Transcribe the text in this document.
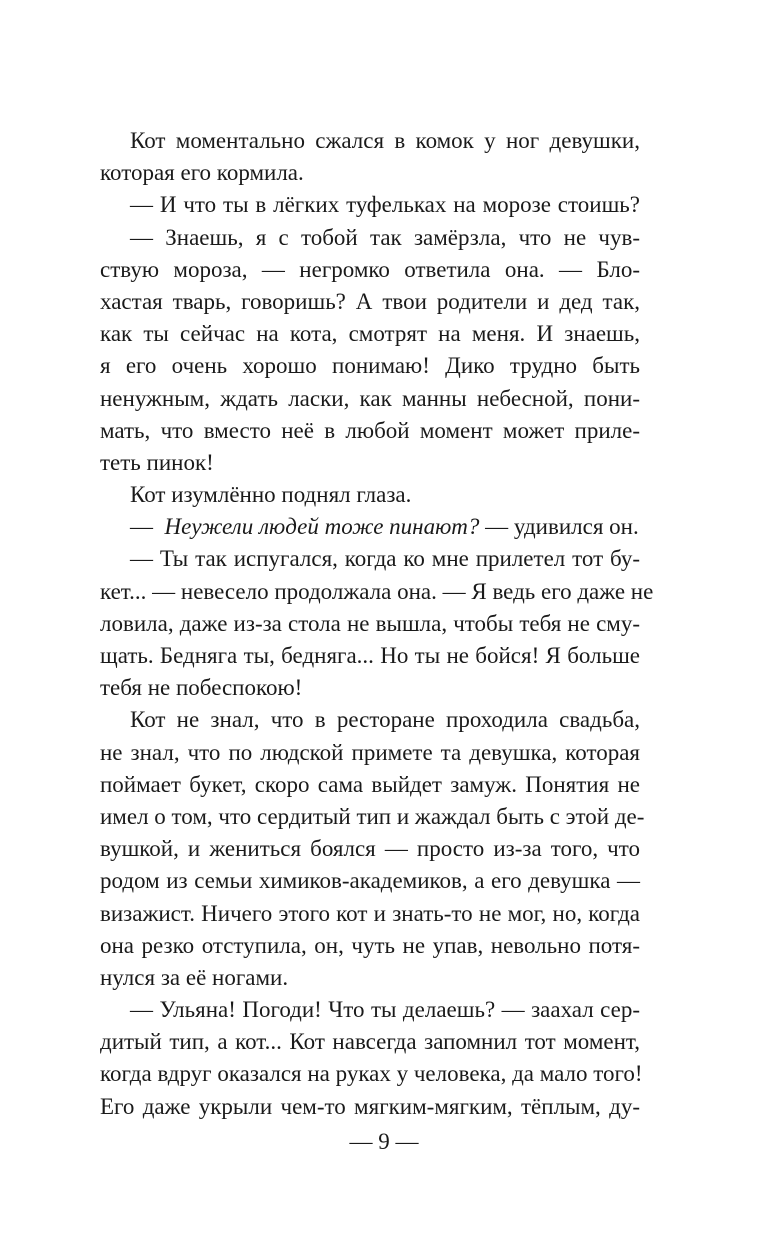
Кот моментально сжался в комок у ног девушки,
которая его кормила.
— И что ты в лёгких туфельках на морозе стоишь?
— Знаешь, я с тобой так замёрзла, что не чув-
ствую мороза, — негромко ответила она. — Бло-
хастая тварь, говоришь? А твои родители и дед так,
как ты сейчас на кота, смотрят на меня. И знаешь,
я его очень хорошо понимаю! Дико трудно быть
ненужным, ждать ласки, как манны небесной, пони-
мать, что вместо неё в любой момент может приле-
теть пинок!
Кот изумлённо поднял глаза.
— Неужели людей тоже пинают? — удивился он.
— Ты так испугался, когда ко мне прилетел тот бу-
кет... — невесело продолжала она. — Я ведь его даже не
ловила, даже из-за стола не вышла, чтобы тебя не сму-
щать. Бедняга ты, бедняга... Но ты не бойся! Я больше
тебя не побеспокою!
Кот не знал, что в ресторане проходила свадьба,
не знал, что по людской примете та девушка, которая
поймает букет, скоро сама выйдет замуж. Понятия не
имел о том, что сердитый тип и жаждал быть с этой де-
вушкой, и жениться боялся — просто из-за того, что
родом из семьи химиков-академиков, а его девушка —
визажист. Ничего этого кот и знать-то не мог, но, когда
она резко отступила, он, чуть не упав, невольно потя-
нулся за её ногами.
— Ульяна! Погоди! Что ты делаешь? — заахал сер-
дитый тип, а кот... Кот навсегда запомнил тот момент,
когда вдруг оказался на руках у человека, да мало того!
Его даже укрыли чем-то мягким-мягким, тёплым, ду-
— 9 —
